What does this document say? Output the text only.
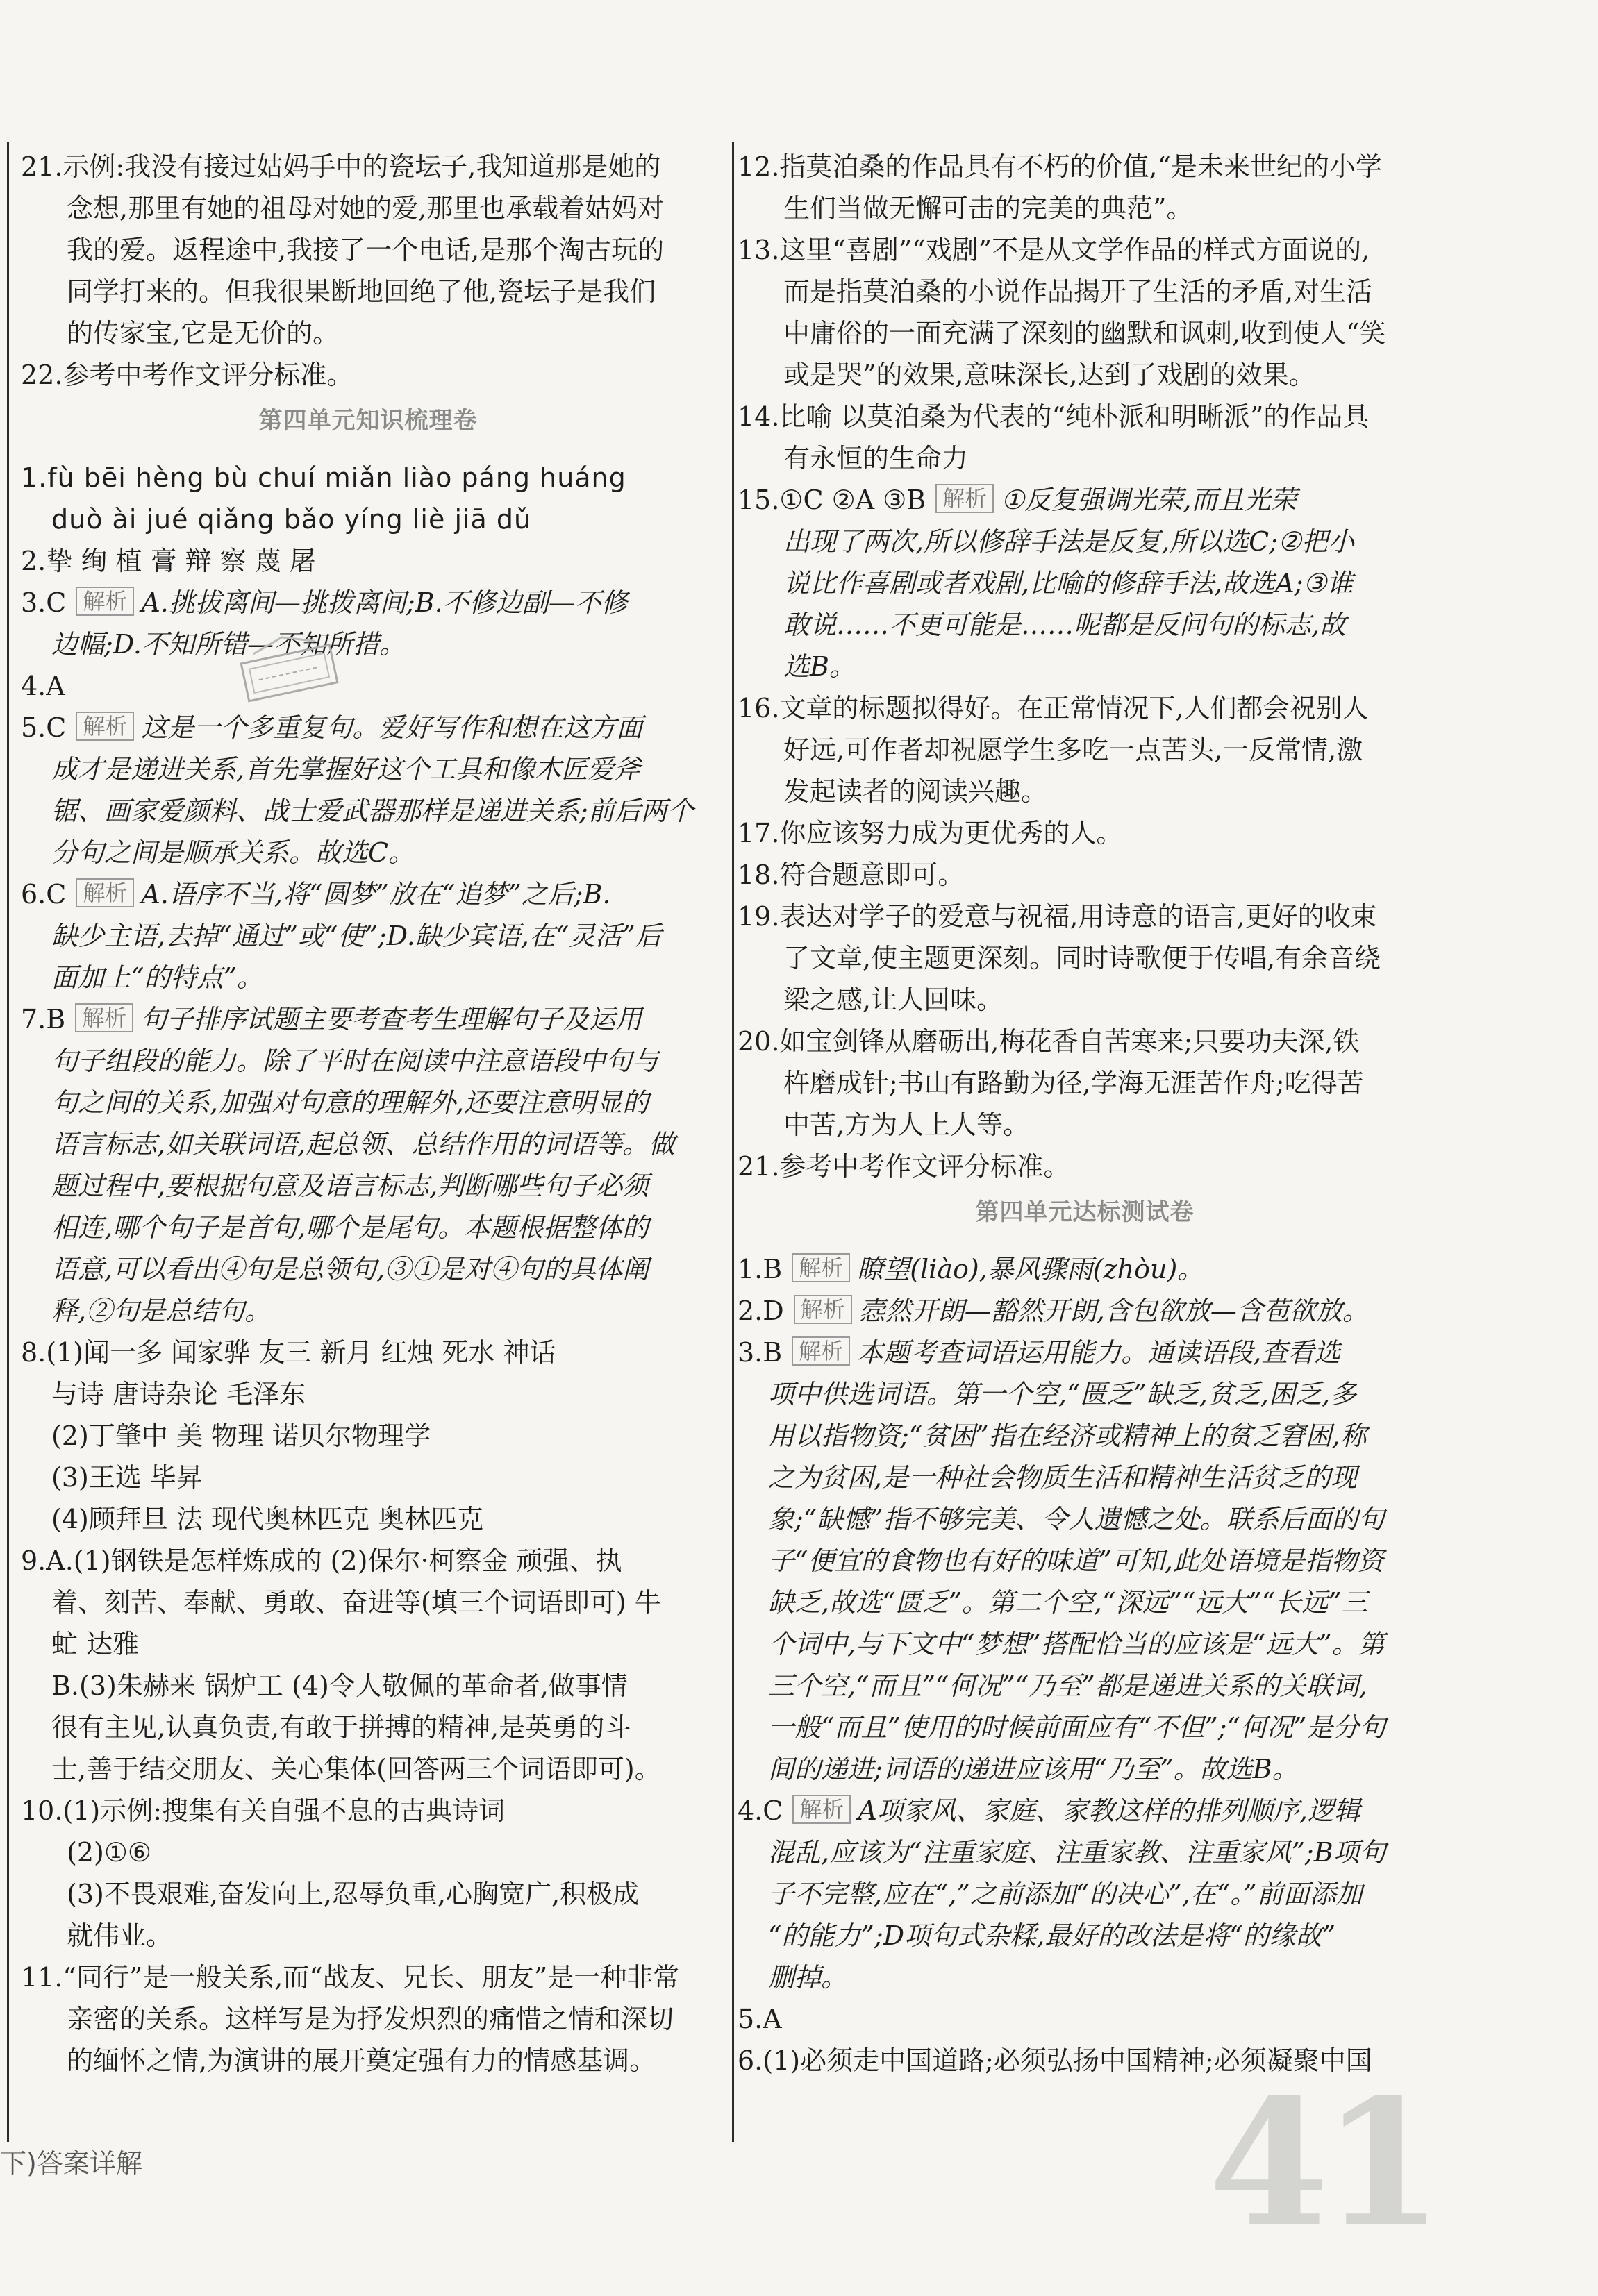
21.示例:我没有接过姑妈手中的瓷坛子,我知道那是她的
念想,那里有她的祖母对她的爱,那里也承载着姑妈对
我的爱。返程途中,我接了一个电话,是那个淘古玩的
同学打来的。但我很果断地回绝了他,瓷坛子是我们
的传家宝,它是无价的。
22.参考中考作文评分标准。
第四单元知识梳理卷
1.fù bēi hèng bù chuí miǎn liào páng huáng
duò ài jué qiǎng bǎo yíng liè jiā dǔ
2.挚 绚 植 膏 辩 察 蔑 屠
3.C 解析 A.挑拔离间—挑拨离间;B.不修边副—不修
边幅;D.不知所错—不知所措。
4.A
5.C 解析 这是一个多重复句。爱好写作和想在这方面
成才是递进关系,首先掌握好这个工具和像木匠爱斧
锯、画家爱颜料、战士爱武器那样是递进关系;前后两个
分句之间是顺承关系。故选C。
6.C 解析 A.语序不当,将“圆梦”放在“追梦”之后;B.
缺少主语,去掉“通过”或“使”;D.缺少宾语,在“灵活”后
面加上“的特点”。
7.B 解析 句子排序试题主要考查考生理解句子及运用
句子组段的能力。除了平时在阅读中注意语段中句与
句之间的关系,加强对句意的理解外,还要注意明显的
语言标志,如关联词语,起总领、总结作用的词语等。做
题过程中,要根据句意及语言标志,判断哪些句子必须
相连,哪个句子是首句,哪个是尾句。本题根据整体的
语意,可以看出④句是总领句,③①是对④句的具体阐
释,②句是总结句。
8.(1)闻一多 闻家骅 友三 新月 红烛 死水 神话
与诗 唐诗杂论 毛泽东
(2)丁肇中 美 物理 诺贝尔物理学
(3)王选 毕昇
(4)顾拜旦 法 现代奥林匹克 奥林匹克
9.A.(1)钢铁是怎样炼成的 (2)保尔·柯察金 顽强、执
着、刻苦、奉献、勇敢、奋进等(填三个词语即可) 牛
虻 达雅
B.(3)朱赫来 锅炉工 (4)令人敬佩的革命者,做事情
很有主见,认真负责,有敢于拼搏的精神,是英勇的斗
士,善于结交朋友、关心集体(回答两三个词语即可)。
10.(1)示例:搜集有关自强不息的古典诗词
(2)①⑥
(3)不畏艰难,奋发向上,忍辱负重,心胸宽广,积极成
就伟业。
11.“同行”是一般关系,而“战友、兄长、朋友”是一种非常
亲密的关系。这样写是为抒发炽烈的痛惜之情和深切
的缅怀之情,为演讲的展开奠定强有力的情感基调。
12.指莫泊桑的作品具有不朽的价值,“是未来世纪的小学
生们当做无懈可击的完美的典范”。
13.这里“喜剧”“戏剧”不是从文学作品的样式方面说的,
而是指莫泊桑的小说作品揭开了生活的矛盾,对生活
中庸俗的一面充满了深刻的幽默和讽刺,收到使人“笑
或是哭”的效果,意味深长,达到了戏剧的效果。
14.比喻 以莫泊桑为代表的“纯朴派和明晰派”的作品具
有永恒的生命力
15.①C ②A ③B 解析 ①反复强调光荣,而且光荣
出现了两次,所以修辞手法是反复,所以选C;②把小
说比作喜剧或者戏剧,比喻的修辞手法,故选A;③谁
敢说……不更可能是……呢都是反问句的标志,故
选B。
16.文章的标题拟得好。在正常情况下,人们都会祝别人
好远,可作者却祝愿学生多吃一点苦头,一反常情,激
发起读者的阅读兴趣。
17.你应该努力成为更优秀的人。
18.符合题意即可。
19.表达对学子的爱意与祝福,用诗意的语言,更好的收束
了文章,使主题更深刻。同时诗歌便于传唱,有余音绕
梁之感,让人回味。
20.如宝剑锋从磨砺出,梅花香自苦寒来;只要功夫深,铁
杵磨成针;书山有路勤为径,学海无涯苦作舟;吃得苦
中苦,方为人上人等。
21.参考中考作文评分标准。
第四单元达标测试卷
1.B 解析 瞭望(liào),暴风骤雨(zhòu)。
2.D 解析 悫然开朗—豁然开朗,含包欲放—含苞欲放。
3.B 解析 本题考查词语运用能力。通读语段,查看选
项中供选词语。第一个空,“匮乏”缺乏,贫乏,困乏,多
用以指物资;“贫困”指在经济或精神上的贫乏窘困,称
之为贫困,是一种社会物质生活和精神生活贫乏的现
象;“缺憾”指不够完美、令人遗憾之处。联系后面的句
子“便宜的食物也有好的味道”可知,此处语境是指物资
缺乏,故选“匮乏”。第二个空,“深远”“远大”“长远”三
个词中,与下文中“梦想”搭配恰当的应该是“远大”。第
三个空,“而且”“何况”“乃至”都是递进关系的关联词,
一般“而且”使用的时候前面应有“不但”;“何况”是分句
间的递进;词语的递进应该用“乃至”。故选B。
4.C 解析 A项家风、家庭、家教这样的排列顺序,逻辑
混乱,应该为“注重家庭、注重家教、注重家风”;B项句
子不完整,应在“,”之前添加“的决心”,在“。”前面添加
“的能力”;D项句式杂糅,最好的改法是将“的缘故”
删掉。
5.A
6.(1)必须走中国道路;必须弘扬中国精神;必须凝聚中国
下)答案详解	41
